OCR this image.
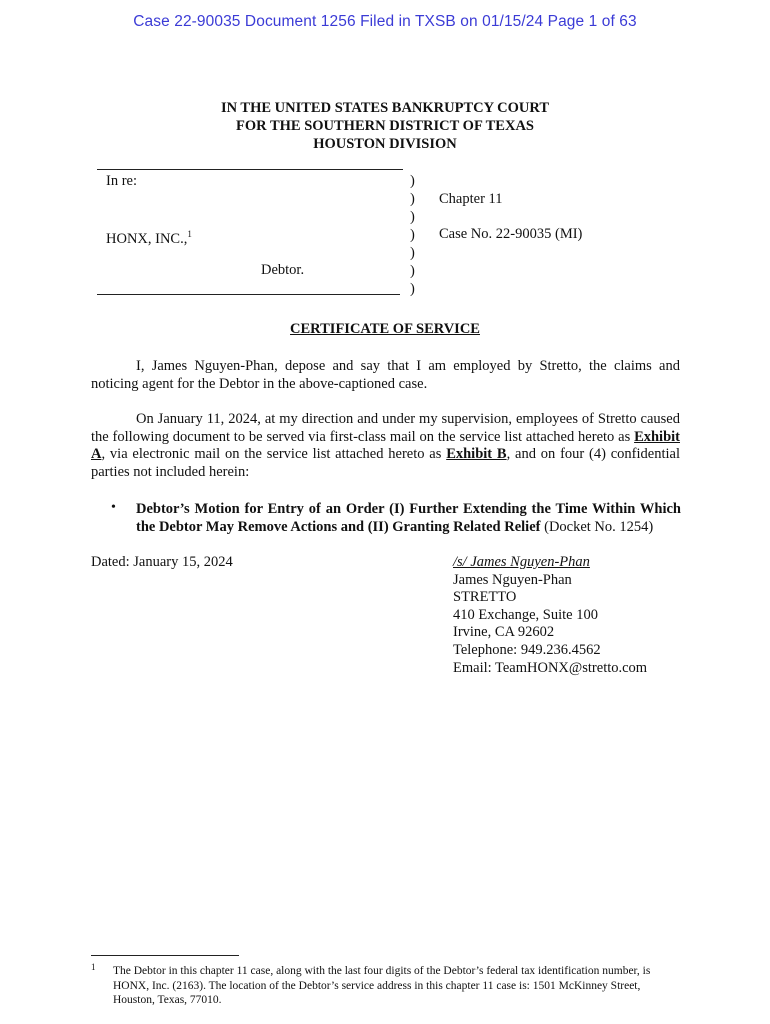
Case 22-90035 Document 1256 Filed in TXSB on 01/15/24 Page 1 of 63
IN THE UNITED STATES BANKRUPTCY COURT
FOR THE SOUTHERN DISTRICT OF TEXAS
HOUSTON DIVISION
In re:
HONX, INC.,$^1$
Debtor.
)
)
)
)
)
)
)
Chapter 11
Case No. 22-90035 (MI)
CERTIFICATE OF SERVICE
I, James Nguyen-Phan, depose and say that I am employed by Stretto, the claims and noticing agent for the Debtor in the above-captioned case.
On January 11, 2024, at my direction and under my supervision, employees of Stretto caused the following document to be served via first-class mail on the service list attached hereto as Exhibit A, via electronic mail on the service list attached hereto as Exhibit B, and on four (4) confidential parties not included herein:
• Debtor’s Motion for Entry of an Order (I) Further Extending the Time Within Which the Debtor May Remove Actions and (II) Granting Related Relief (Docket No. 1254)
Dated: January 15, 2024	/s/ James Nguyen-Phan
James Nguyen-Phan
STRETTO
410 Exchange, Suite 100
Irvine, CA 92602
Telephone: 949.236.4562
Email: TeamHONX@stretto.com
1 The Debtor in this chapter 11 case, along with the last four digits of the Debtor’s federal tax identification number, is HONX, Inc. (2163). The location of the Debtor’s service address in this chapter 11 case is: 1501 McKinney Street, Houston, Texas, 77010.
